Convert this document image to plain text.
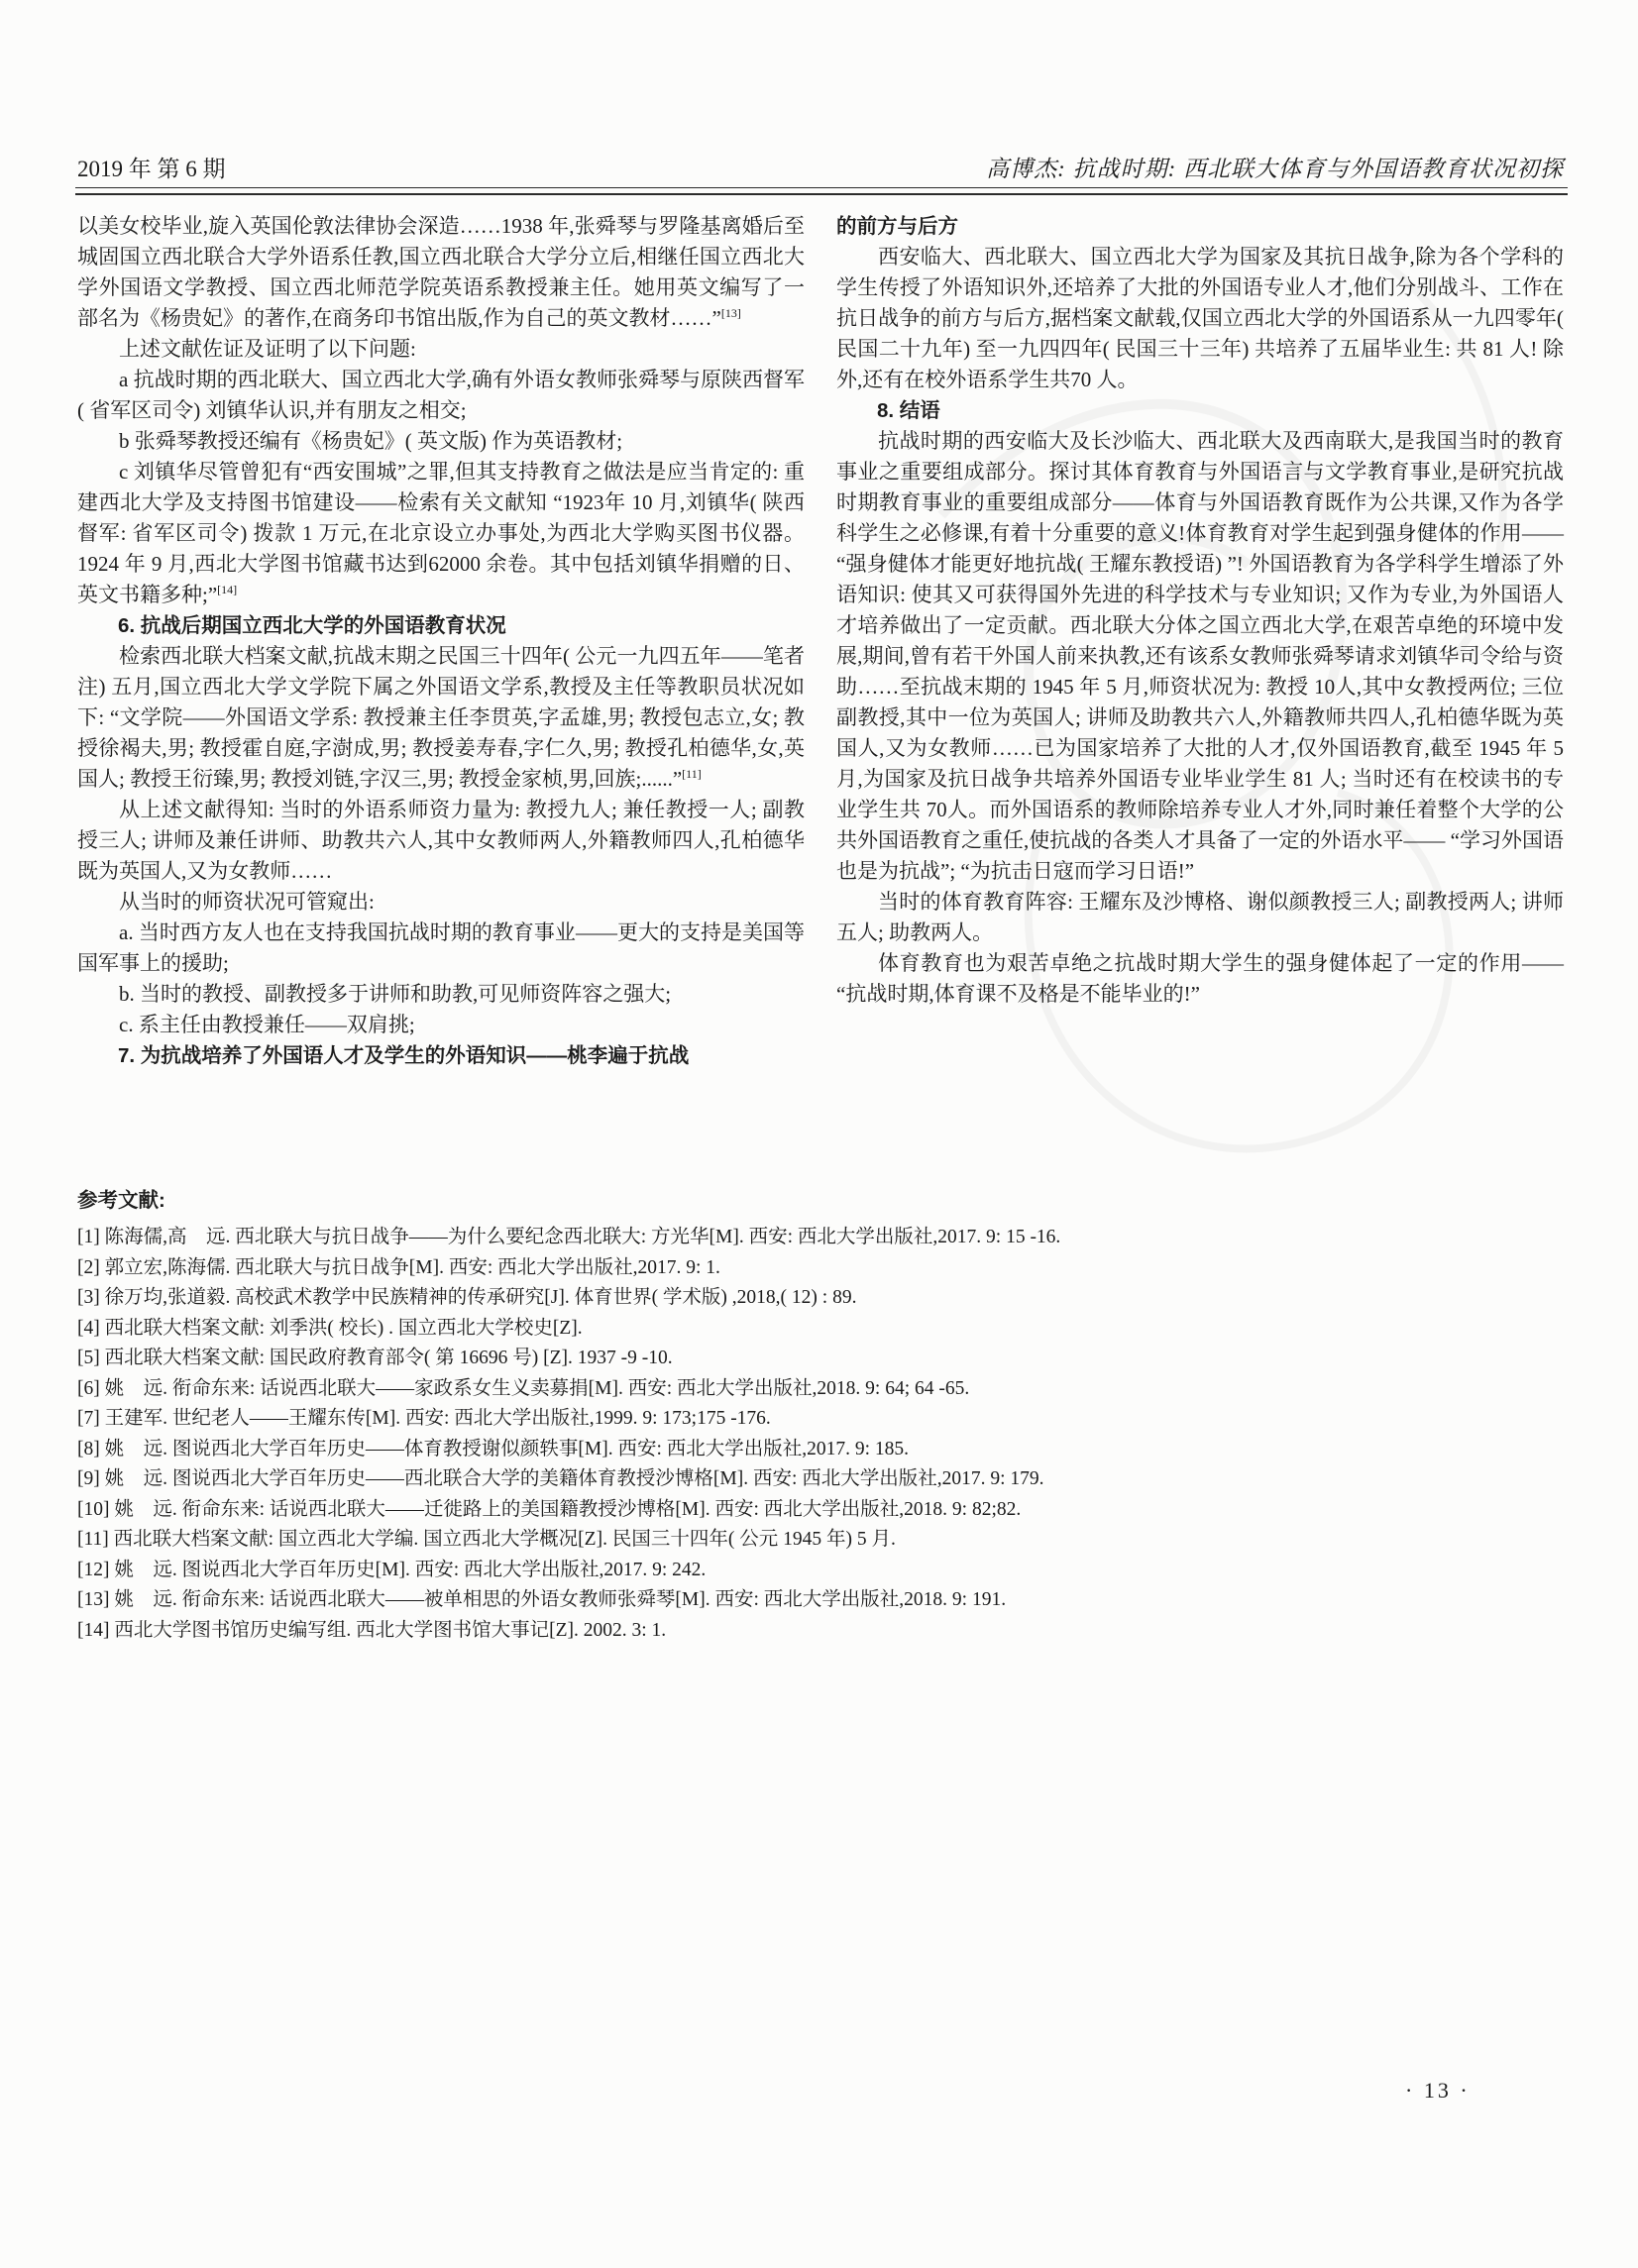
2019 年 第 6 期	高博杰: 抗战时期: 西北联大体育与外国语教育状况初探

以美女校毕业,旋入英国伦敦法律协会深造……1938 年,张舜琴与罗隆基离婚后至城固国立西北联合大学外语系任教,国立西北联合大学分立后,相继任国立西北大学外国语文学教授、国立西北师范学院英语系教授兼主任。她用英文编写了一部名为《杨贵妃》的著作,在商务印书馆出版,作为自己的英文教材……”[13]

上述文献佐证及证明了以下问题:

a 抗战时期的西北联大、国立西北大学,确有外语女教师张舜琴与原陕西督军( 省军区司令) 刘镇华认识,并有朋友之相交;

b 张舜琴教授还编有《杨贵妃》( 英文版) 作为英语教材;

c 刘镇华尽管曾犯有“西安围城”之罪,但其支持教育之做法是应当肯定的: 重建西北大学及支持图书馆建设——检索有关文献知 “1923年 10 月,刘镇华( 陕西督军: 省军区司令) 拨款 1 万元,在北京设立办事处,为西北大学购买图书仪器。1924 年 9 月,西北大学图书馆藏书达到62000 余卷。其中包括刘镇华捐赠的日、英文书籍多种;”[14]

6. 抗战后期国立西北大学的外国语教育状况

检索西北联大档案文献,抗战末期之民国三十四年( 公元一九四五年——笔者注) 五月,国立西北大学文学院下属之外国语文学系,教授及主任等教职员状况如下: “文学院——外国语文学系: 教授兼主任李贯英,字孟雄,男; 教授包志立,女; 教授徐褐夫,男; 教授霍自庭,字澍成,男; 教授姜寿春,字仁久,男; 教授孔柏德华,女,英国人; 教授王衍臻,男; 教授刘链,字汉三,男; 教授金家桢,男,回族;......”[11]

从上述文献得知: 当时的外语系师资力量为: 教授九人; 兼任教授一人; 副教授三人; 讲师及兼任讲师、助教共六人,其中女教师两人,外籍教师四人,孔柏德华既为英国人,又为女教师……

从当时的师资状况可管窥出:

a. 当时西方友人也在支持我国抗战时期的教育事业——更大的支持是美国等国军事上的援助;

b. 当时的教授、副教授多于讲师和助教,可见师资阵容之强大;

c. 系主任由教授兼任——双肩挑;

7. 为抗战培养了外国语人才及学生的外语知识——桃李遍于抗战
的前方与后方

西安临大、西北联大、国立西北大学为国家及其抗日战争,除为各个学科的学生传授了外语知识外,还培养了大批的外国语专业人才,他们分别战斗、工作在抗日战争的前方与后方,据档案文献载,仅国立西北大学的外国语系从一九四零年( 民国二十九年) 至一九四四年( 民国三十三年) 共培养了五届毕业生: 共 81 人! 除外,还有在校外语系学生共70 人。

8. 结语

抗战时期的西安临大及长沙临大、西北联大及西南联大,是我国当时的教育事业之重要组成部分。探讨其体育教育与外国语言与文学教育事业,是研究抗战时期教育事业的重要组成部分——体育与外国语教育既作为公共课,又作为各学科学生之必修课,有着十分重要的意义!体育教育对学生起到强身健体的作用—— “强身健体才能更好地抗战( 王耀东教授语) ”! 外国语教育为各学科学生增添了外语知识: 使其又可获得国外先进的科学技术与专业知识; 又作为专业,为外国语人才培养做出了一定贡献。西北联大分体之国立西北大学,在艰苦卓绝的环境中发展,期间,曾有若干外国人前来执教,还有该系女教师张舜琴请求刘镇华司令给与资助……至抗战末期的 1945 年 5 月,师资状况为: 教授 10人,其中女教授两位; 三位副教授,其中一位为英国人; 讲师及助教共六人,外籍教师共四人,孔柏德华既为英国人,又为女教师……已为国家培养了大批的人才,仅外国语教育,截至 1945 年 5 月,为国家及抗日战争共培养外国语专业毕业学生 81 人; 当时还有在校读书的专业学生共 70人。而外国语系的教师除培养专业人才外,同时兼任着整个大学的公共外国语教育之重任,使抗战的各类人才具备了一定的外语水平—— “学习外国语也是为抗战”; “为抗击日寇而学习日语!”

当时的体育教育阵容: 王耀东及沙博格、谢似颜教授三人; 副教授两人; 讲师五人; 助教两人。

体育教育也为艰苦卓绝之抗战时期大学生的强身健体起了一定的作用—— “抗战时期,体育课不及格是不能毕业的!”

参考文献:

[1] 陈海儒,高　远. 西北联大与抗日战争——为什么要纪念西北联大: 方光华[M]. 西安: 西北大学出版社,2017. 9: 15 -16.

[2] 郭立宏,陈海儒. 西北联大与抗日战争[M]. 西安: 西北大学出版社,2017. 9: 1.

[3] 徐万均,张道毅. 高校武术教学中民族精神的传承研究[J]. 体育世界( 学术版) ,2018,( 12) : 89.

[4] 西北联大档案文献: 刘季洪( 校长) . 国立西北大学校史[Z].

[5] 西北联大档案文献: 国民政府教育部令( 第 16696 号) [Z]. 1937 -9 -10.

[6] 姚　远. 衔命东来: 话说西北联大——家政系女生义卖募捐[M]. 西安: 西北大学出版社,2018. 9: 64; 64 -65.

[7] 王建军. 世纪老人——王耀东传[M]. 西安: 西北大学出版社,1999. 9: 173;175 -176.

[8] 姚　远. 图说西北大学百年历史——体育教授谢似颜轶事[M]. 西安: 西北大学出版社,2017. 9: 185.

[9] 姚　远. 图说西北大学百年历史——西北联合大学的美籍体育教授沙博格[M]. 西安: 西北大学出版社,2017. 9: 179.

[10] 姚　远. 衔命东来: 话说西北联大——迁徙路上的美国籍教授沙博格[M]. 西安: 西北大学出版社,2018. 9: 82;82.

[11] 西北联大档案文献: 国立西北大学编. 国立西北大学概况[Z]. 民国三十四年( 公元 1945 年) 5 月.

[12] 姚　远. 图说西北大学百年历史[M]. 西安: 西北大学出版社,2017. 9: 242.

[13] 姚　远. 衔命东来: 话说西北联大——被单相思的外语女教师张舜琴[M]. 西安: 西北大学出版社,2018. 9: 191.

[14] 西北大学图书馆历史编写组. 西北大学图书馆大事记[Z]. 2002. 3: 1.

· 13 ·
